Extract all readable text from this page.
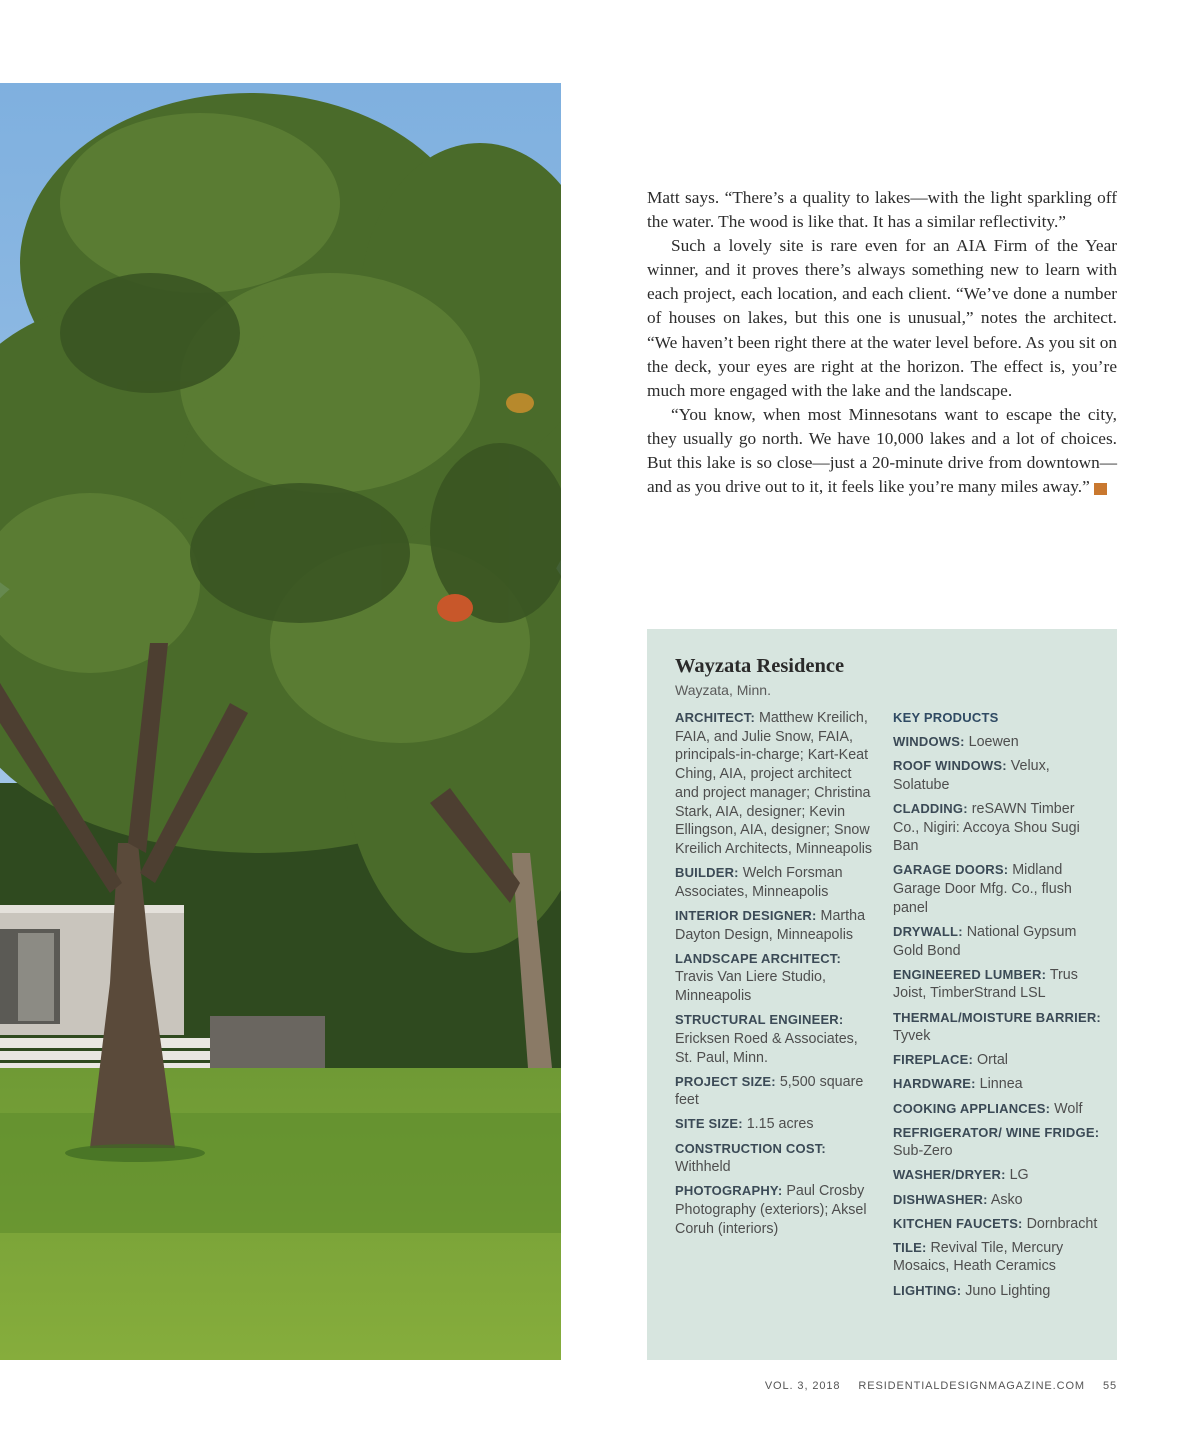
Matt says. “There’s a quality to lakes—with the light sparkling off the water. The wood is like that. It has a similar reflectivity.”

Such a lovely site is rare even for an AIA Firm of the Year winner, and it proves there’s always something new to learn with each project, each location, and each client. “We’ve done a number of houses on lakes, but this one is unusual,” notes the architect. “We haven’t been right there at the water level before. As you sit on the deck, your eyes are right at the horizon. The effect is, you’re much more engaged with the lake and the landscape.

“You know, when most Minnesotans want to escape the city, they usually go north. We have 10,000 lakes and a lot of choices. But this lake is so close—just a 20-minute drive from downtown—and as you drive out to it, it feels like you’re many miles away.”	RD

Wayzata Residence
Wayzata, Minn.
ARCHITECT: Matthew Kreilich, FAIA, and Julie Snow, FAIA, principals-in-charge; Kart-Keat Ching, AIA, project architect and project manager; Christina Stark, AIA, designer; Kevin Ellingson, AIA, designer; Snow Kreilich Architects, Minneapolis
BUILDER: Welch Forsman Associates, Minneapolis
INTERIOR DESIGNER: Martha Dayton Design, Minneapolis
LANDSCAPE ARCHITECT: Travis Van Liere Studio, Minneapolis
STRUCTURAL ENGINEER: Ericksen Roed & Associates, St. Paul, Minn.
PROJECT SIZE: 5,500 square feet
SITE SIZE: 1.15 acres
CONSTRUCTION COST: Withheld
PHOTOGRAPHY: Paul Crosby Photography (exteriors); Aksel Coruh (interiors)
KEY PRODUCTS
WINDOWS: Loewen
ROOF WINDOWS: Velux, Solatube
CLADDING: reSAWN Timber Co., Nigiri: Accoya Shou Sugi Ban
GARAGE DOORS: Midland Garage Door Mfg. Co., flush panel
DRYWALL: National Gypsum Gold Bond
ENGINEERED LUMBER: Trus Joist, TimberStrand LSL
THERMAL/MOISTURE BARRIER: Tyvek
FIREPLACE: Ortal
HARDWARE: Linnea
COOKING APPLIANCES: Wolf
REFRIGERATOR/ WINE FRIDGE: Sub-Zero
WASHER/DRYER: LG
DISHWASHER: Asko
KITCHEN FAUCETS: Dornbracht
TILE: Revival Tile, Mercury Mosaics, Heath Ceramics
LIGHTING: Juno Lighting
VOL. 3, 2018 RESIDENTIALDESIGNMAGAZINE.COM 55
